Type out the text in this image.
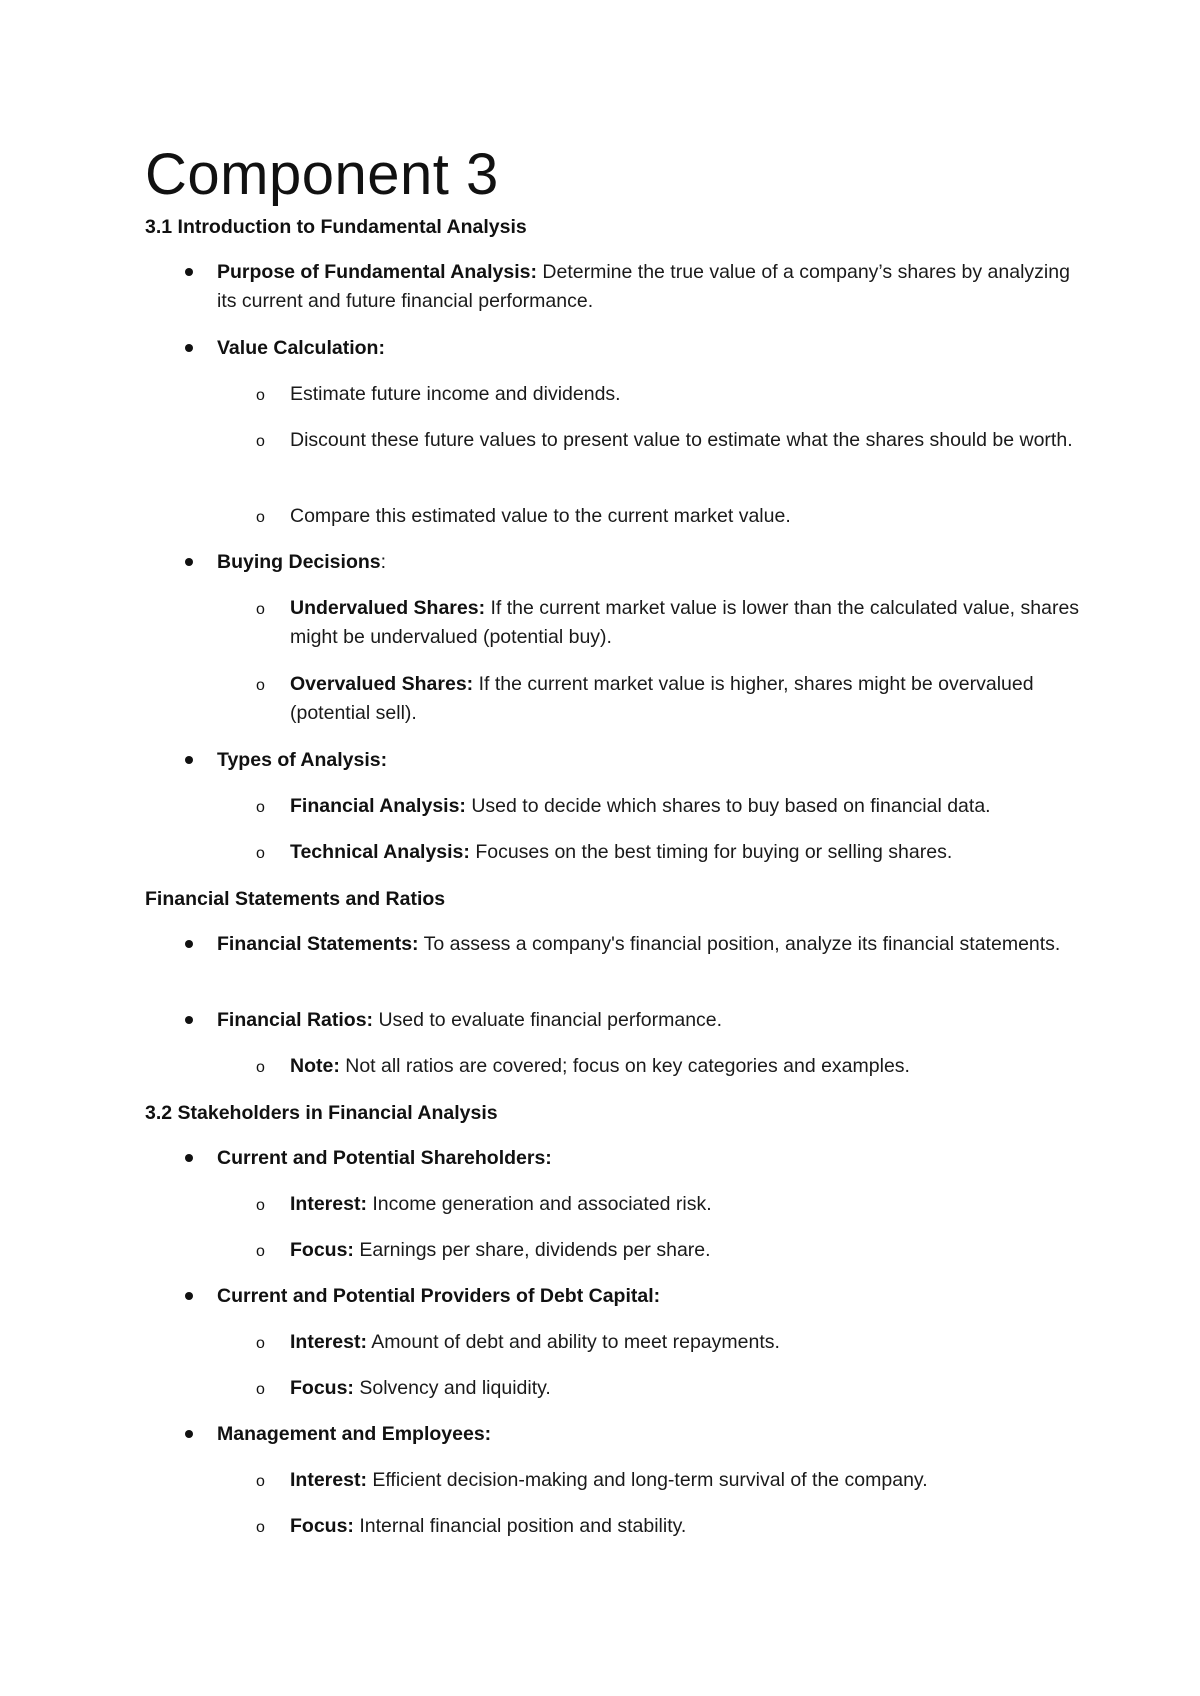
Component 3
3.1 Introduction to Fundamental Analysis
Purpose of Fundamental Analysis: Determine the true value of a company’s shares by analyzing its current and future financial performance.
Value Calculation:
o Estimate future income and dividends.
o Discount these future values to present value to estimate what the shares should be worth.
o Compare this estimated value to the current market value.
Buying Decisions:
o Undervalued Shares: If the current market value is lower than the calculated value, shares might be undervalued (potential buy).
o Overvalued Shares: If the current market value is higher, shares might be overvalued (potential sell).
Types of Analysis:
o Financial Analysis: Used to decide which shares to buy based on financial data.
o Technical Analysis: Focuses on the best timing for buying or selling shares.
Financial Statements and Ratios
Financial Statements: To assess a company's financial position, analyze its financial statements.
Financial Ratios: Used to evaluate financial performance.
o Note: Not all ratios are covered; focus on key categories and examples.
3.2 Stakeholders in Financial Analysis
Current and Potential Shareholders:
o Interest: Income generation and associated risk.
o Focus: Earnings per share, dividends per share.
Current and Potential Providers of Debt Capital:
o Interest: Amount of debt and ability to meet repayments.
o Focus: Solvency and liquidity.
Management and Employees:
o Interest: Efficient decision-making and long-term survival of the company.
o Focus: Internal financial position and stability.
